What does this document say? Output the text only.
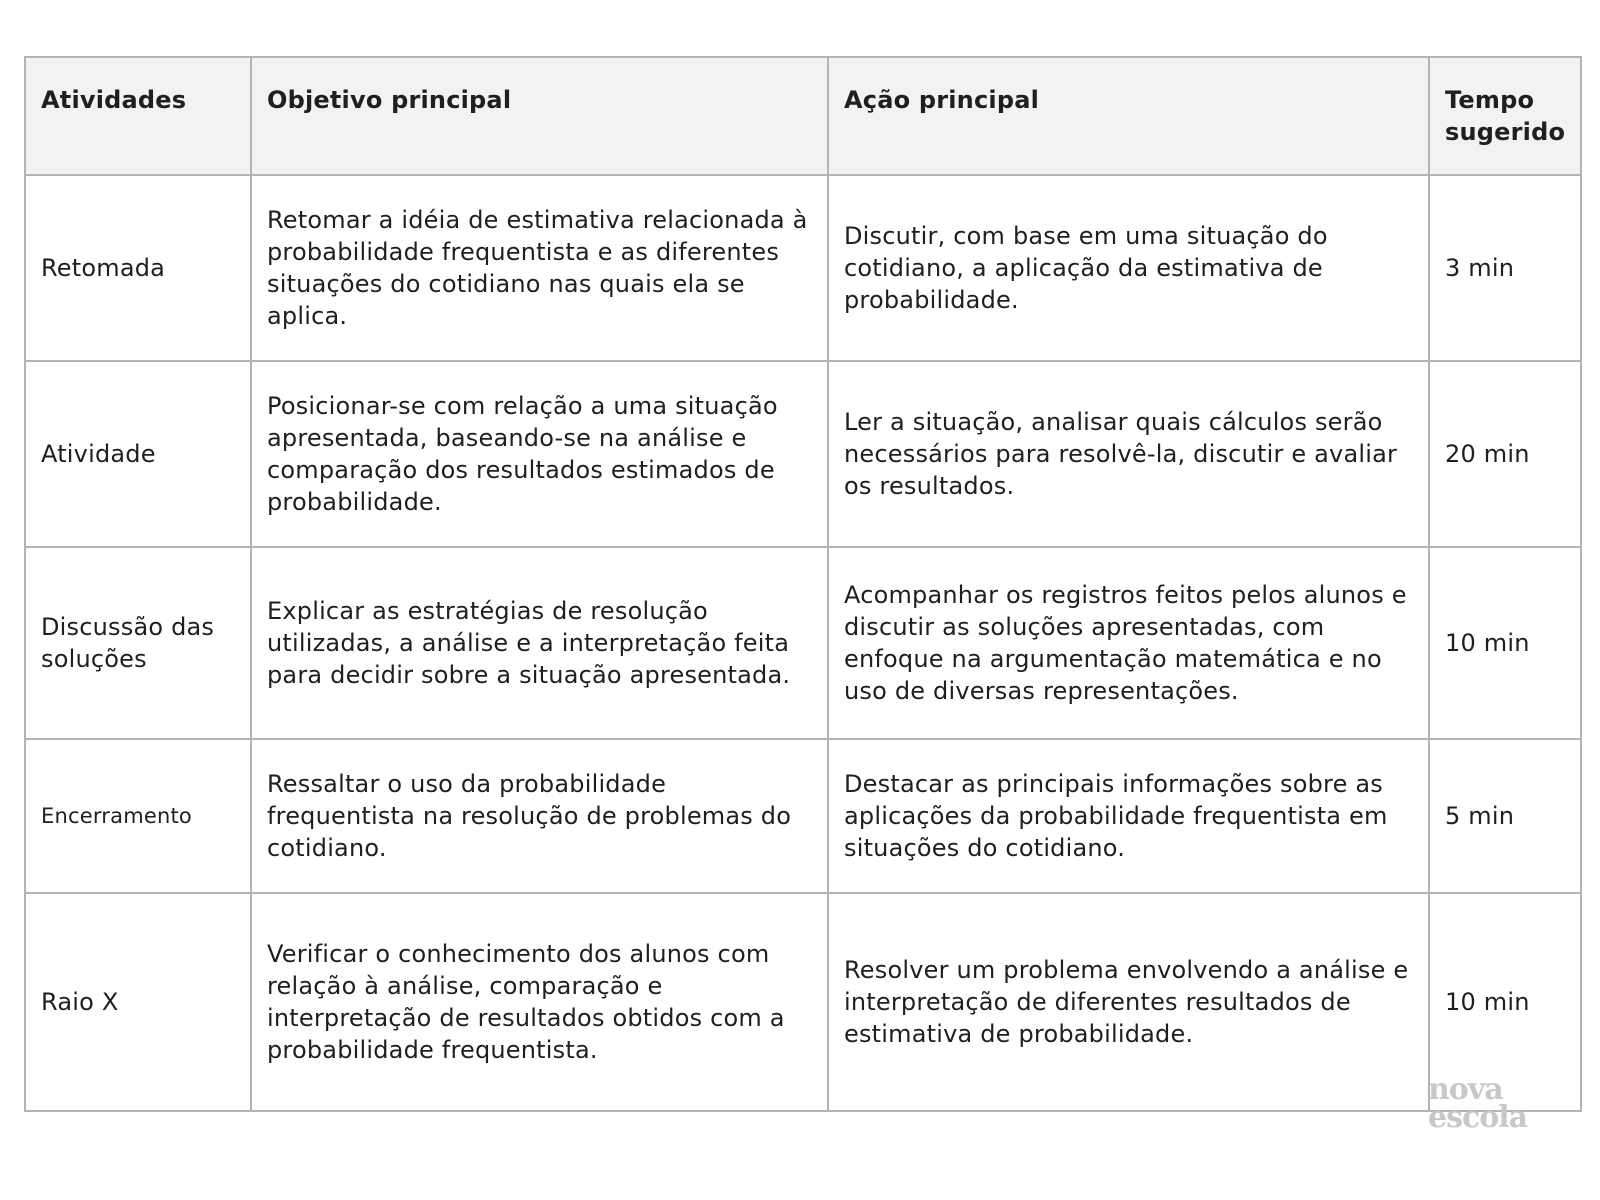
Atividades	Objetivo principal	Ação principal	Tempo sugerido
Retomada	Retomar a idéia de estimativa relacionada à probabilidade frequentista e as diferentes situações do cotidiano nas quais ela se aplica.	Discutir, com base em uma situação do cotidiano, a aplicação da estimativa de probabilidade.	3 min
Atividade	Posicionar-se com relação a uma situação apresentada, baseando-se na análise e comparação dos resultados estimados de probabilidade.	Ler a situação, analisar quais cálculos serão necessários para resolvê-la, discutir e avaliar os resultados.	20 min
Discussão das soluções	Explicar as estratégias de resolução utilizadas, a análise e a interpretação feita para decidir sobre a situação apresentada.	Acompanhar os registros feitos pelos alunos e discutir as soluções apresentadas, com enfoque na argumentação matemática e no uso de diversas representações.	10 min
Encerramento	Ressaltar o uso da probabilidade frequentista na resolução de problemas do cotidiano.	Destacar as principais informações sobre as aplicações da probabilidade frequentista em situações do cotidiano.	5 min
Raio X	Verificar o conhecimento dos alunos com relação à análise, comparação e interpretação de resultados obtidos com a probabilidade frequentista.	Resolver um problema envolvendo a análise e interpretação de diferentes resultados de estimativa de probabilidade.	10 min
nova
escola
